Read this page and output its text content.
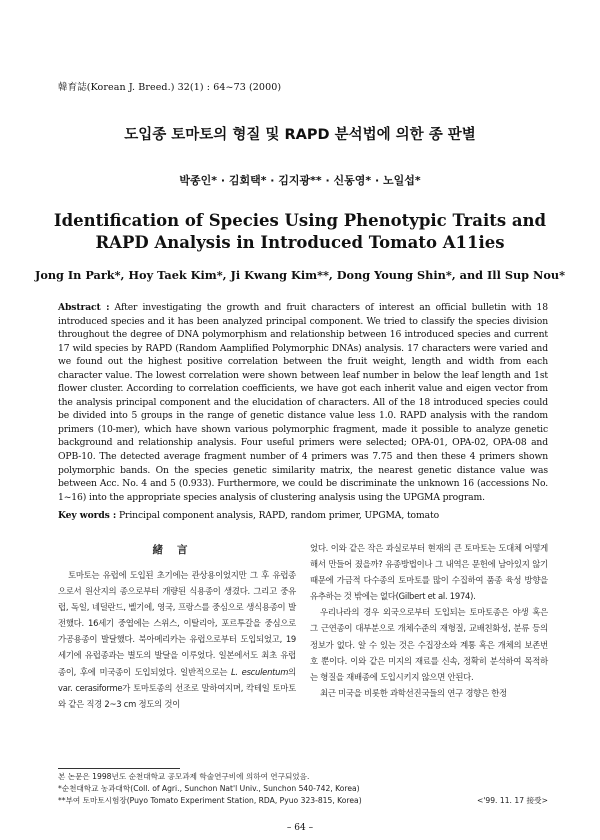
韓育誌(Korean J. Breed.) 32(1) : 64~73 (2000)
도입종 토마토의 형질 및 RAPD 분석법에 의한 종 판별
박종인* · 김회택* · 김지광** · 신동영* · 노일섭*
Identification of Species Using Phenotypic Traits and
RAPD Analysis in Introduced Tomato A11ies
Jong In Park*, Hoy Taek Kim*, Ji Kwang Kim**, Dong Young Shin*, and Ill Sup Nou*
Abstract : After investigating the growth and fruit characters of interest an official bulletin with 18 introduced species and it has been analyzed principal component. We tried to classify the species division throughout the degree of DNA polymorphism and relationship between 16 introduced species and current 17 wild species by RAPD (Random Aamplified Polymorphic DNAs) analysis. 17 characters were varied and we found out the highest positive correlation between the fruit weight, length and width from each character value. The lowest correlation were shown between leaf number in below the leaf length and 1st flower cluster. According to correlation coefficients, we have got each inherit value and eigen vector from the analysis principal component and the elucidation of characters. All of the 18 introduced species could be divided into 5 groups in the range of genetic distance value less 1.0. RAPD analysis with the random primers (10-mer), which have shown various polymorphic fragment, made it possible to analyze genetic background and relationship analysis. Four useful primers were selected; OPA-01, OPA-02, OPA-08 and OPB-10. The detected average fragment number of 4 primers was 7.75 and then these 4 primers shown polymorphic bands. On the species genetic similarity matrix, the nearest genetic distance value was between Acc. No. 4 and 5 (0.933). Furthermore, we could be discriminate the unknown 16 (accessions No. 1~16) into the appropriate species analysis of clustering analysis using the UPGMA program.
Key words : Principal component analysis, RAPD, random primer, UPGMA, tomato
緒言

토마토는 유럽에 도입된 초기에는 관상용이었지만 그 후 유럽종으로서 원산지의 종으로부터 개량된 식용종이 생겼다. 그리고 중유럽, 독일, 네덜란드, 벨기에, 영국, 프랑스를 중심으로 생식용종이 발전했다. 16세기 중엽에는 스위스, 이탈리아, 포르투갈을 중심으로 가공용종이 발달했다. 북아메리카는 유럽으로부터 도입되었고, 19세기에 유럽종과는 별도의 발달을 이루었다. 일본에서도 최초 유럽종이, 후에 미국종이 도입되었다. 일반적으로는 L. esculentum의 var. cerasiforme가 토마토종의 선조로 말하여지며, 칵테일 토마토와 같은 직경 2~3 cm 정도의 것이

었다. 이와 같은 작은 과실로부터 현재의 큰 토마토는 도대체 어떻게 해서 만들어 졌을까? 유종방법이나 그 내역은 문헌에 남아있지 않기 때문에 가금적 다수종의 토마토를 많이 수집하여 품종 육성 방향을 유추하는 것 밖에는 없다(Gilbert et al. 1974).

우리나라의 경우 외국으로부터 도입되는 토마토종은 야생 혹은 그 근연종이 대부분으로 개체수준의 재형질, 교배친화성, 분류 등의 정보가 없다. 알 수 있는 것은 수집장소와 계통 혹은 개체의 보존번호 뿐이다. 이와 같은 미지의 재료를 신속, 정확히 분석하여 목적하는 형질을 재배종에 도입시키지 않으면 안된다.

최근 미국을 비롯한 과학선진국들의 연구 경향은 한정

본 논문은 1998년도 순천대학교 공모과제 학술연구비에 의하여 연구되었음.
*순천대학교 농과대학(Coll. of Agri., Sunchon Nat'l Univ., Sunchon 540-742, Korea)
**부여 토마토시험장(Puyo Tomato Experiment Station, RDA, Pyuo 323-815, Korea)	<'99. 11. 17 接受>
– 64 –
